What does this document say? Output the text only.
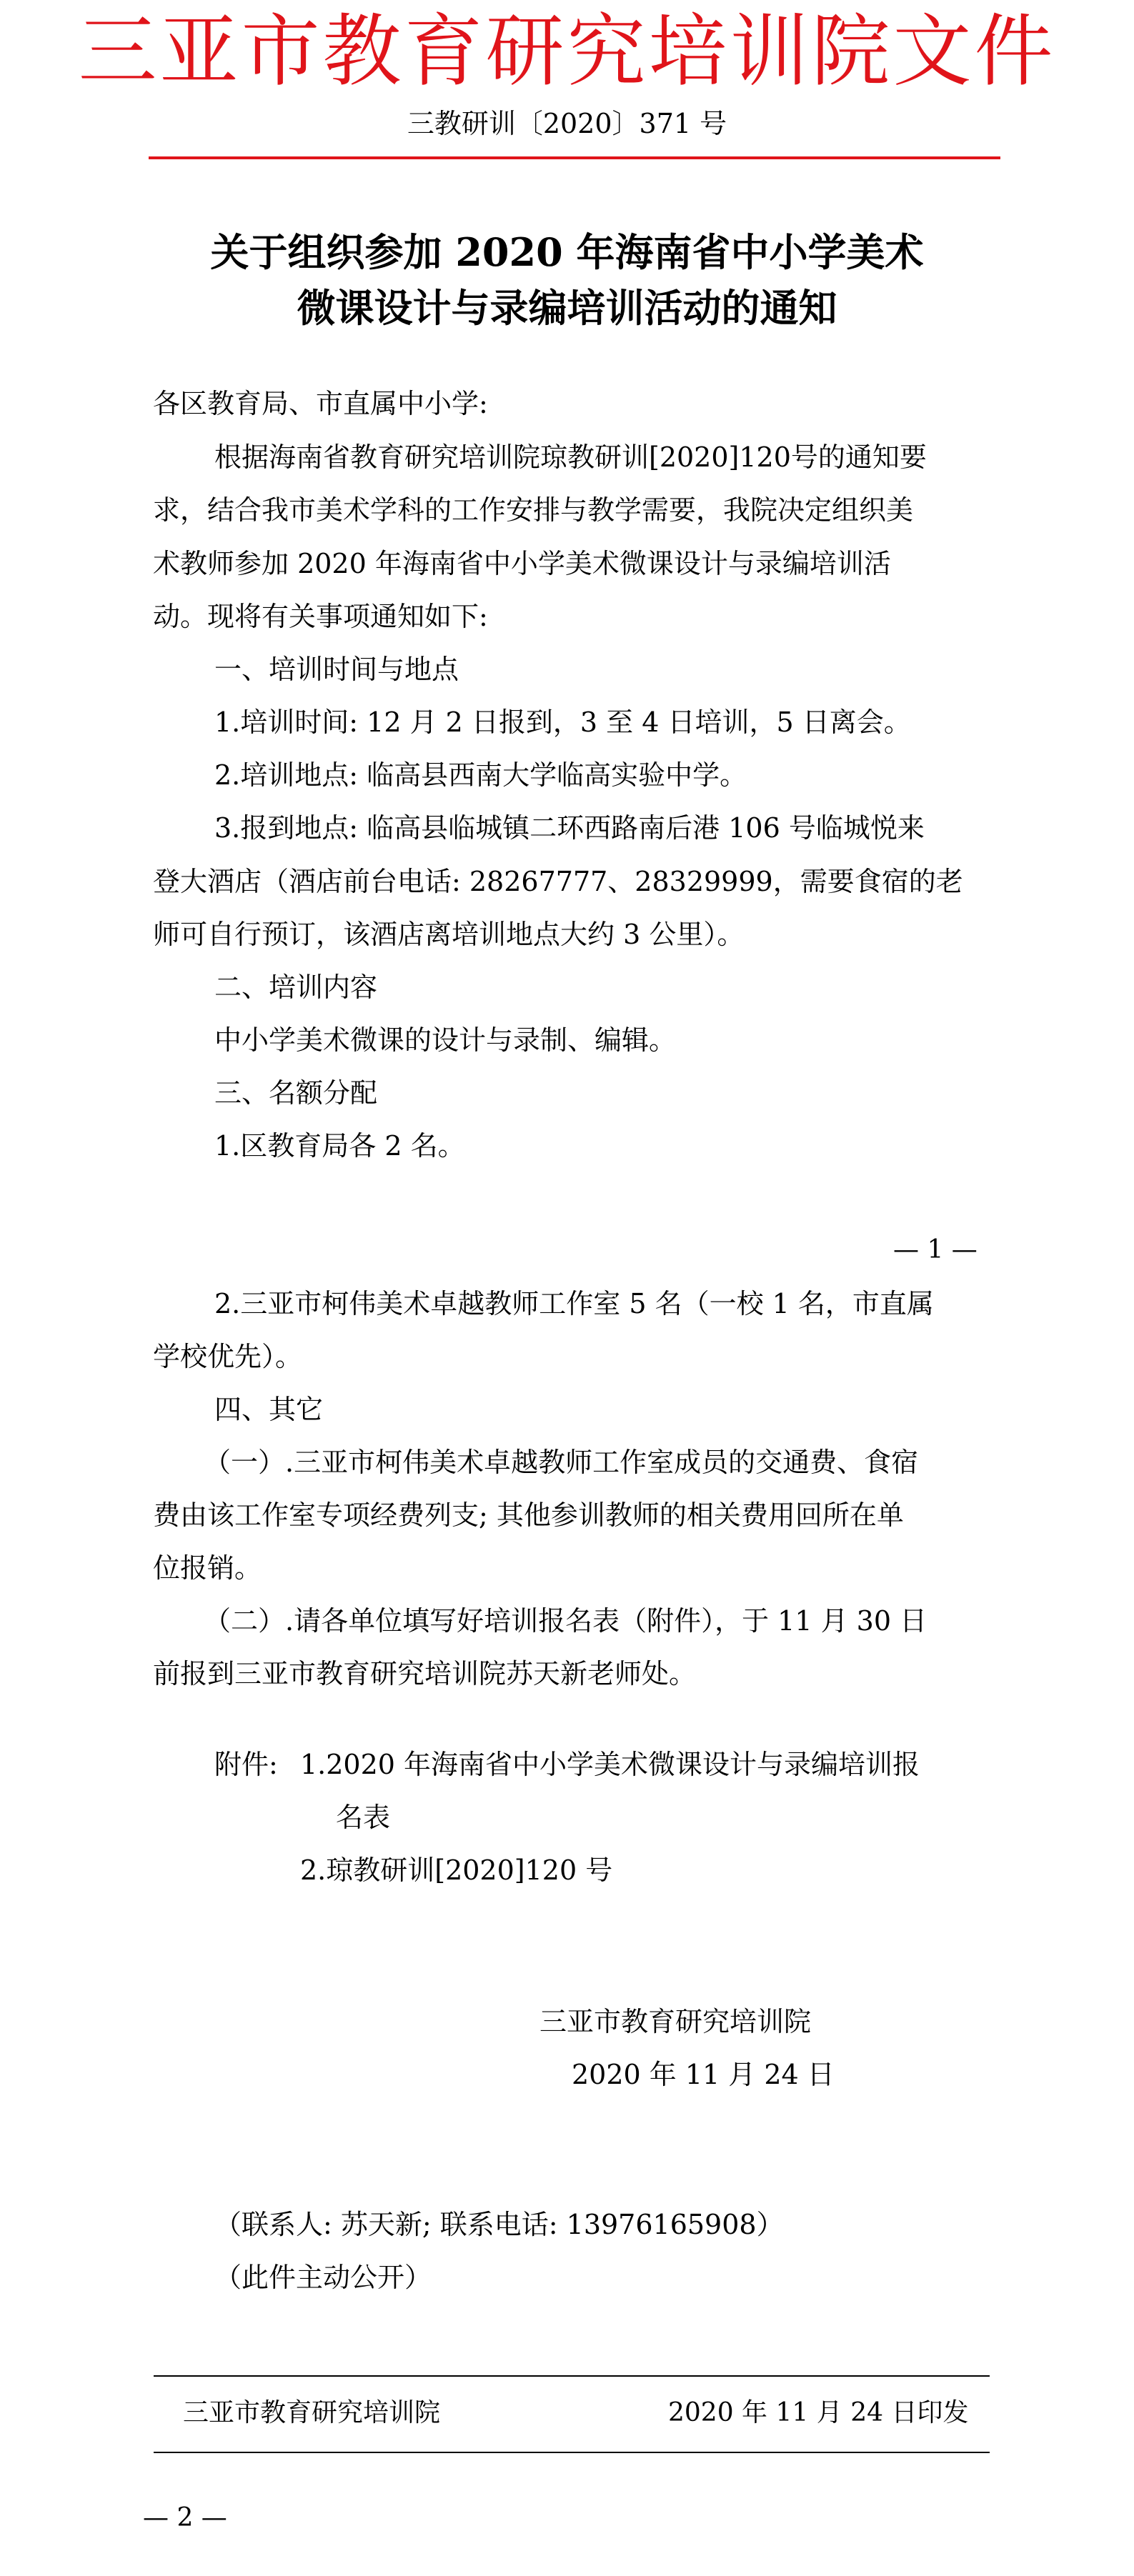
三亚市教育研究培训院文件
三教研训〔2020〕371 号
关于组织参加 2020 年海南省中小学美术
微课设计与录编培训活动的通知
各区教育局、市直属中小学:
根据海南省教育研究培训院琼教研训[2020]120号的通知要
求，结合我市美术学科的工作安排与教学需要，我院决定组织美
术教师参加 2020 年海南省中小学美术微课设计与录编培训活
动。现将有关事项通知如下:
一、培训时间与地点
1.培训时间: 12 月 2 日报到，3 至 4 日培训，5 日离会。
2.培训地点: 临高县西南大学临高实验中学。
3.报到地点: 临高县临城镇二环西路南后港 106 号临城悦来
登大酒店（酒店前台电话: 28267777、28329999，需要食宿的老
师可自行预订，该酒店离培训地点大约 3 公里）。
二、培训内容
中小学美术微课的设计与录制、编辑。
三、名额分配
1.区教育局各 2 名。
— 1 —
2.三亚市柯伟美术卓越教师工作室 5 名（一校 1 名，市直属
学校优先）。
四、其它
（一）.三亚市柯伟美术卓越教师工作室成员的交通费、食宿
费由该工作室专项经费列支; 其他参训教师的相关费用回所在单
位报销。
（二）.请各单位填写好培训报名表（附件），于 11 月 30 日
前报到三亚市教育研究培训院苏天新老师处。
附件: 1.2020 年海南省中小学美术微课设计与录编培训报
名表
2.琼教研训[2020]120 号
三亚市教育研究培训院
2020 年 11 月 24 日
（联系人: 苏天新; 联系电话: 13976165908）
（此件主动公开）
三亚市教育研究培训院	2020 年 11 月 24 日印发
— 2 —
